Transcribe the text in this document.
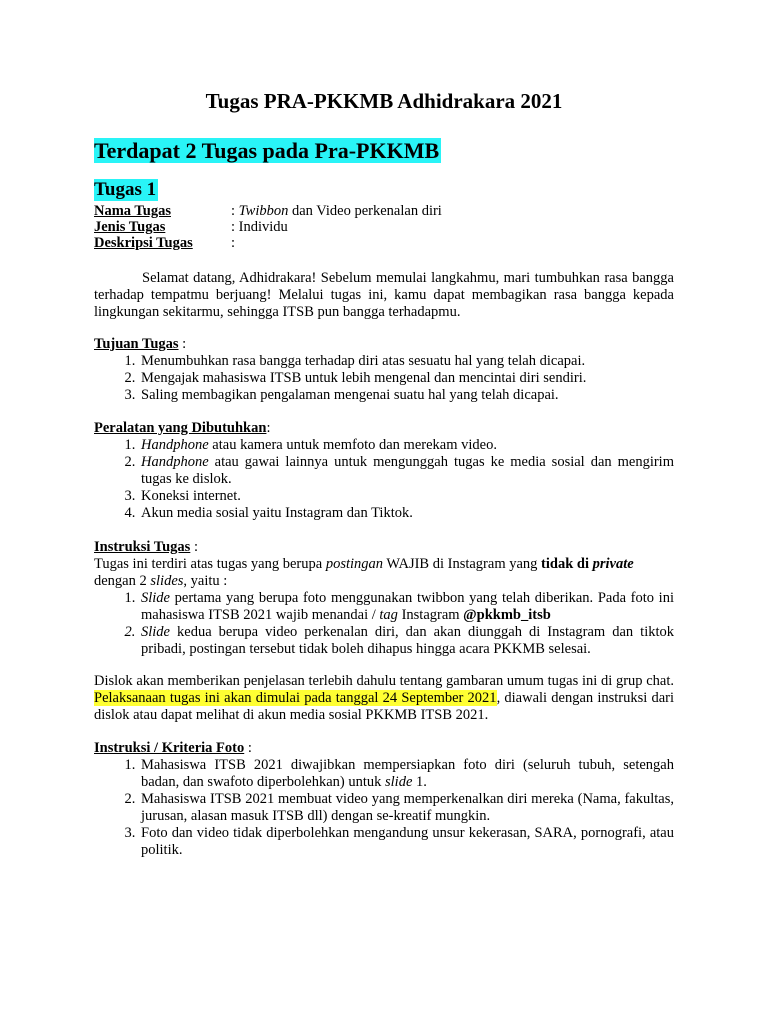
Tugas PRA-PKKMB Adhidrakara 2021
Terdapat 2 Tugas pada Pra-PKKMB
Tugas 1
Nama Tugas	: Twibbon dan Video perkenalan diri
Jenis Tugas	: Individu
Deskripsi Tugas	:

Selamat datang, Adhidrakara! Sebelum memulai langkahmu, mari tumbuhkan rasa bangga terhadap tempatmu berjuang! Melalui tugas ini, kamu dapat membagikan rasa bangga kepada lingkungan sekitarmu, sehingga ITSB pun bangga terhadapmu.

Tujuan Tugas :

1. Menumbuhkan rasa bangga terhadap diri atas sesuatu hal yang telah dicapai.
2. Mengajak mahasiswa ITSB untuk lebih mengenal dan mencintai diri sendiri.
3. Saling membagikan pengalaman mengenai suatu hal yang telah dicapai.

Peralatan yang Dibutuhkan:

1. Handphone atau kamera untuk memfoto dan merekam video.
2. Handphone atau gawai lainnya untuk mengunggah tugas ke media sosial dan mengirim tugas ke dislok.
3. Koneksi internet.
4. Akun media sosial yaitu Instagram dan Tiktok.

Instruksi Tugas :

Tugas ini terdiri atas tugas yang berupa postingan WAJIB di Instagram yang tidak di private
dengan 2 slides, yaitu :

1. Slide pertama yang berupa foto menggunakan twibbon yang telah diberikan. Pada foto ini mahasiswa ITSB 2021 wajib menandai / tag Instagram @pkkmb_itsb
2. Slide kedua berupa video perkenalan diri, dan akan diunggah di Instagram dan tiktok pribadi, postingan tersebut tidak boleh dihapus hingga acara PKKMB selesai.

Dislok akan memberikan penjelasan terlebih dahulu tentang gambaran umum tugas ini di grup chat. Pelaksanaan tugas ini akan dimulai pada tanggal 24 September 2021, diawali dengan instruksi dari dislok atau dapat melihat di akun media sosial PKKMB ITSB 2021.

Instruksi / Kriteria Foto :

1. Mahasiswa ITSB 2021 diwajibkan mempersiapkan foto diri (seluruh tubuh, setengah badan, dan swafoto diperbolehkan) untuk slide 1.
2. Mahasiswa ITSB 2021 membuat video yang memperkenalkan diri mereka (Nama, fakultas, jurusan, alasan masuk ITSB dll) dengan se-kreatif mungkin.
3. Foto dan video tidak diperbolehkan mengandung unsur kekerasan, SARA, pornografi, atau politik.
